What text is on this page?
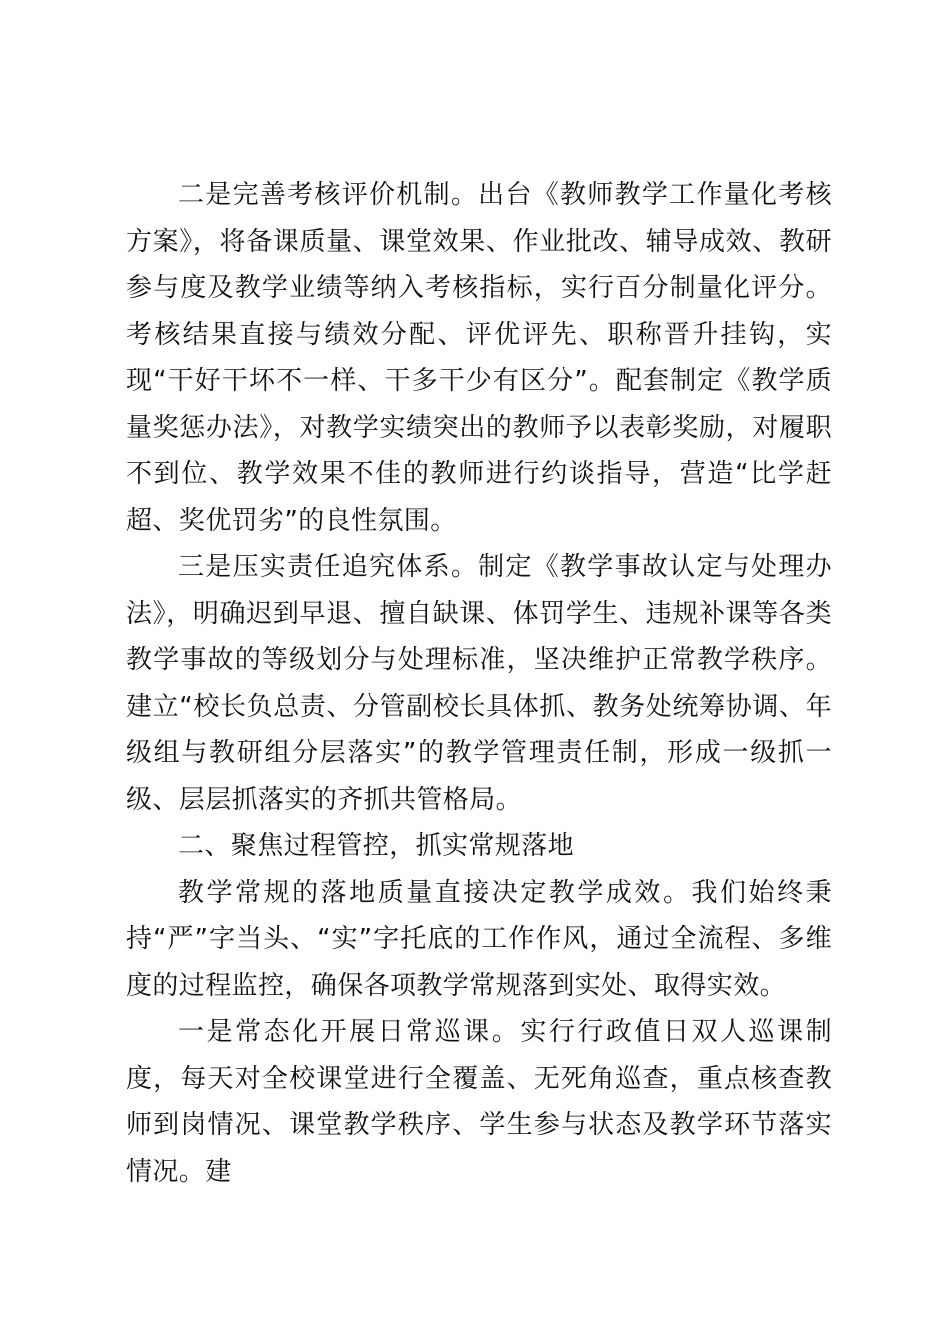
二是完善考核评价机制。出台《教师教学工作量化考核方案》，将备课质量、课堂效果、作业批改、辅导成效、教研参与度及教学业绩等纳入考核指标，实行百分制量化评分。考核结果直接与绩效分配、评优评先、职称晋升挂钩，实现“干好干坏不一样、干多干少有区分”。配套制定《教学质量奖惩办法》，对教学实绩突出的教师予以表彰奖励，对履职不到位、教学效果不佳的教师进行约谈指导，营造“比学赶超、奖优罚劣”的良性氛围。

三是压实责任追究体系。制定《教学事故认定与处理办法》，明确迟到早退、擅自缺课、体罚学生、违规补课等各类教学事故的等级划分与处理标准，坚决维护正常教学秩序。建立“校长负总责、分管副校长具体抓、教务处统筹协调、年级组与教研组分层落实”的教学管理责任制，形成一级抓一级、层层抓落实的齐抓共管格局。

二、聚焦过程管控，抓实常规落地

教学常规的落地质量直接决定教学成效。我们始终秉持“严”字当头、“实”字托底的工作作风，通过全流程、多维度的过程监控，确保各项教学常规落到实处、取得实效。

一是常态化开展日常巡课。实行行政值日双人巡课制度，每天对全校课堂进行全覆盖、无死角巡查，重点核查教师到岗情况、课堂教学秩序、学生参与状态及教学环节落实情况。建
